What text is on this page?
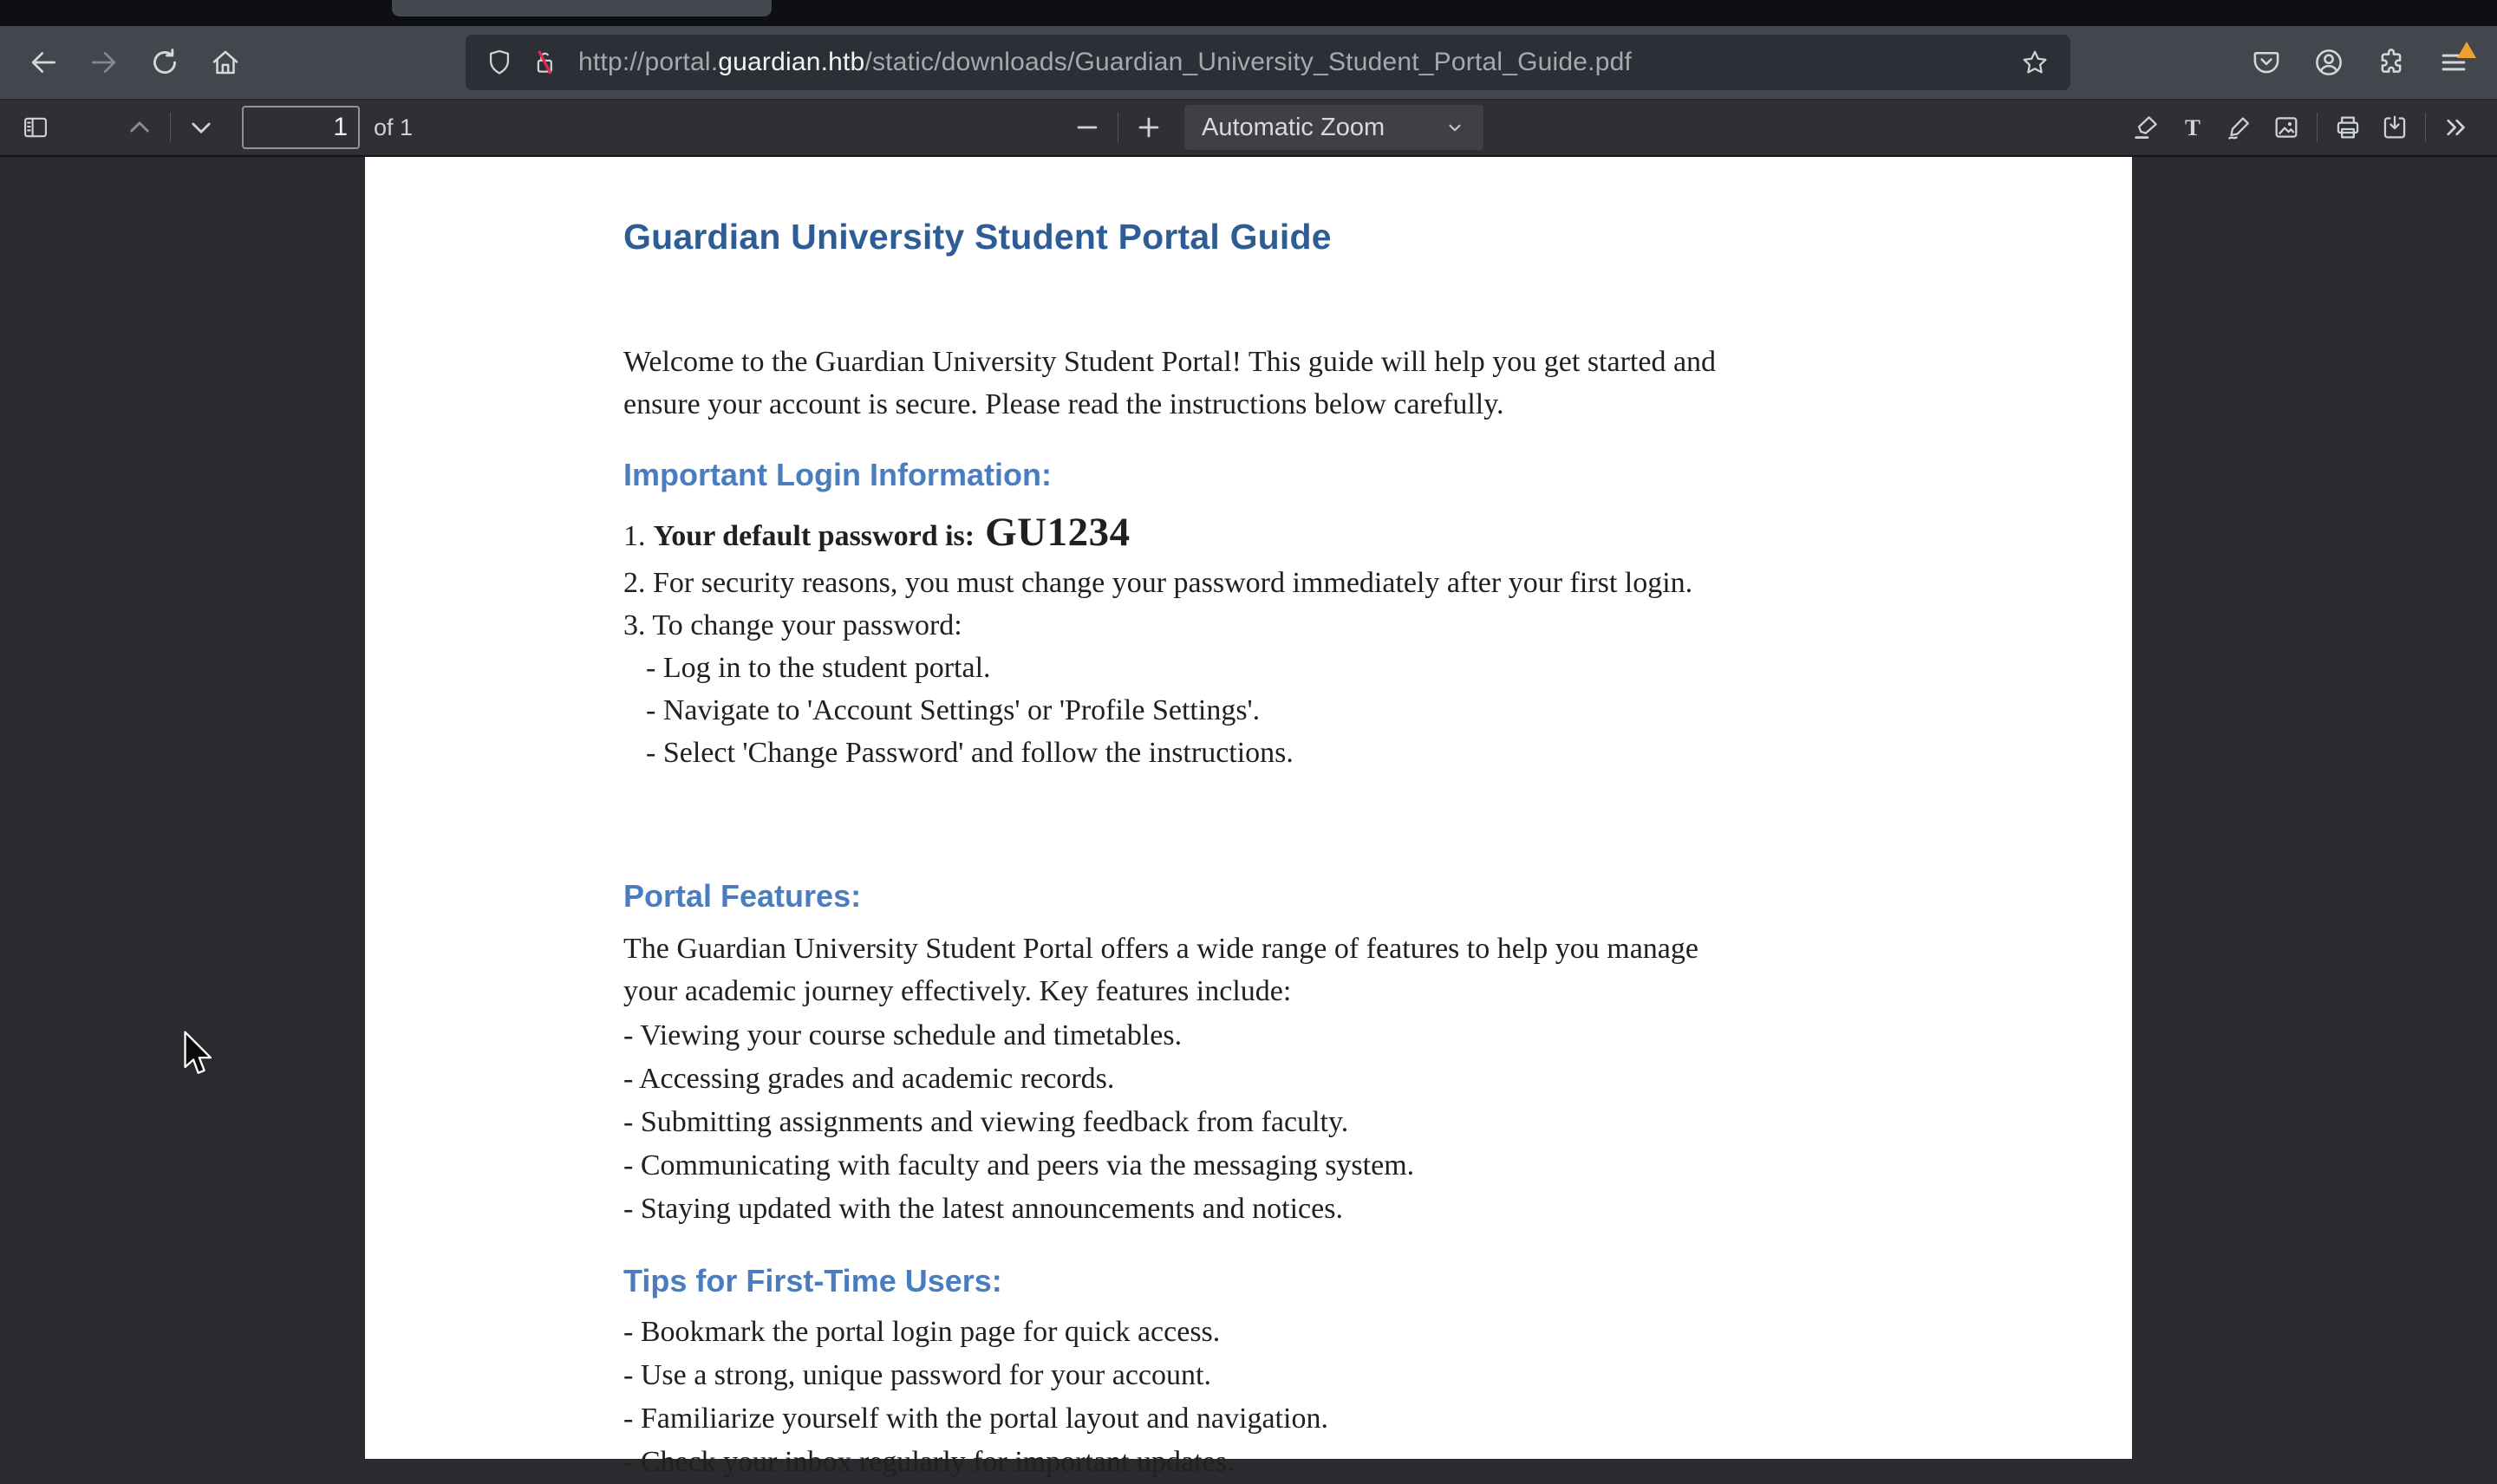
http://portal.guardian.htb/static/downloads/Guardian_University_Student_Portal_Guide.pdf
1
of 1	Automatic Zoom	T
Guardian University Student Portal Guide
Welcome to the Guardian University Student Portal! This guide will help you get started and
ensure your account is secure. Please read the instructions below carefully.
Important Login Information:
1. Your default password is: GU1234
2. For security reasons, you must change your password immediately after your first login.
3. To change your password:
- Log in to the student portal.
- Navigate to 'Account Settings' or 'Profile Settings'.
- Select 'Change Password' and follow the instructions.
Portal Features:
The Guardian University Student Portal offers a wide range of features to help you manage
your academic journey effectively. Key features include:
- Viewing your course schedule and timetables.
- Accessing grades and academic records.
- Submitting assignments and viewing feedback from faculty.
- Communicating with faculty and peers via the messaging system.
- Staying updated with the latest announcements and notices.
Tips for First-Time Users:
- Bookmark the portal login page for quick access.
- Use a strong, unique password for your account.
- Familiarize yourself with the portal layout and navigation.
- Check your inbox regularly for important updates.
